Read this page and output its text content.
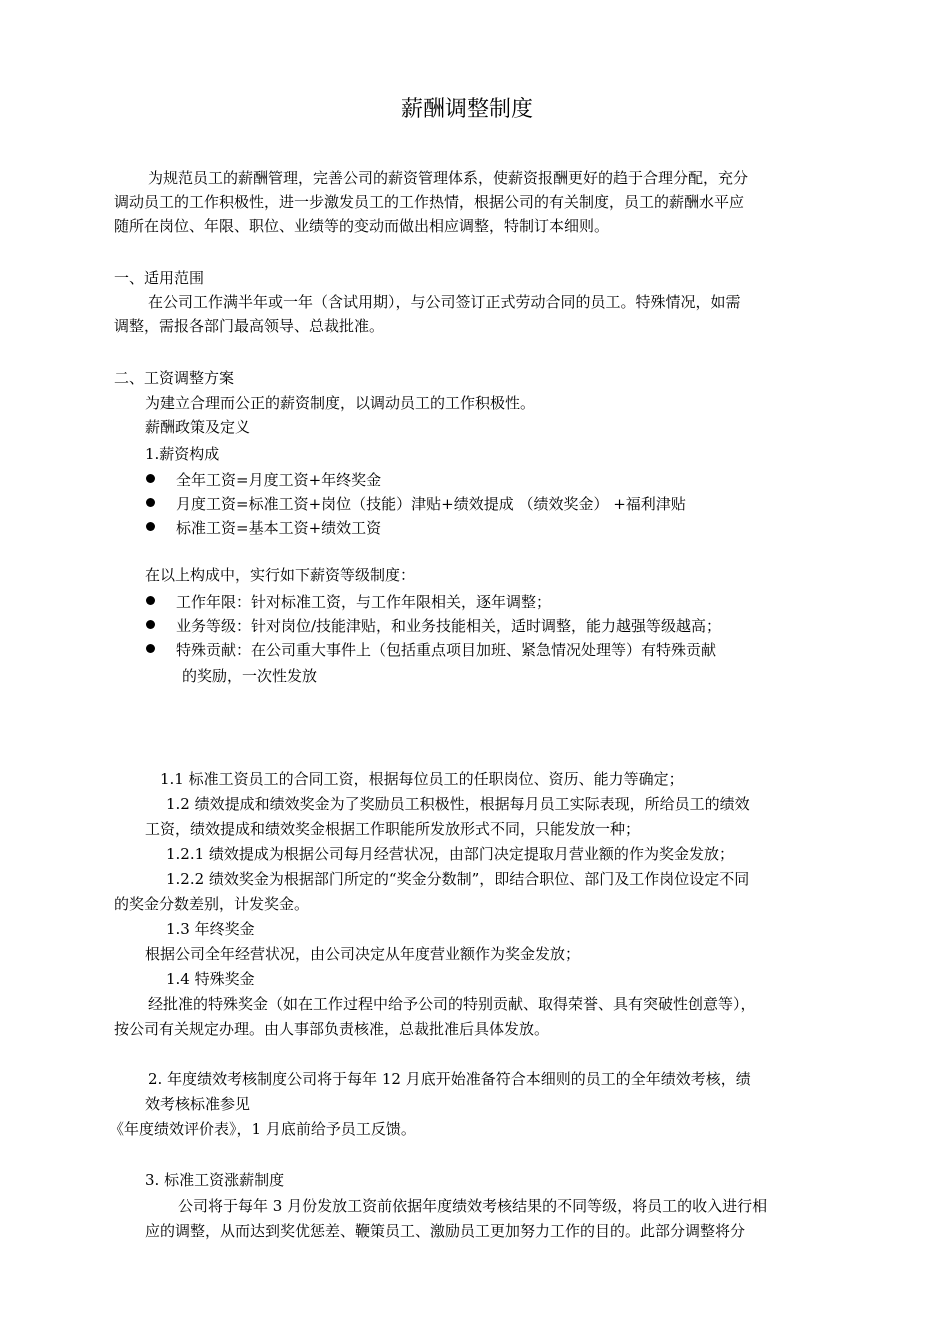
薪酬调整制度
为规范员工的薪酬管理，完善公司的薪资管理体系，使薪资报酬更好的趋于合理分配，充分
调动员工的工作积极性，进一步激发员工的工作热情，根据公司的有关制度，员工的薪酬水平应
随所在岗位、年限、职位、业绩等的变动而做出相应调整，特制订本细则。
一、适用范围
在公司工作满半年或一年（含试用期），与公司签订正式劳动合同的员工。特殊情况，如需
调整，需报各部门最高领导、总裁批准。
二、工资调整方案
为建立合理而公正的薪资制度，以调动员工的工作积极性。
薪酬政策及定义
1.薪资构成
全年工资=月度工资+年终奖金
月度工资=标准工资+岗位（技能）津贴+绩效提成 （绩效奖金） +福利津贴
标准工资=基本工资+绩效工资
在以上构成中，实行如下薪资等级制度：
工作年限：针对标准工资，与工作年限相关，逐年调整；
业务等级：针对岗位/技能津贴，和业务技能相关，适时调整，能力越强等级越高；
特殊贡献：在公司重大事件上（包括重点项目加班、紧急情况处理等）有特殊贡献
的奖励，一次性发放
1.1 标准工资员工的合同工资，根据每位员工的任职岗位、资历、能力等确定；
1.2 绩效提成和绩效奖金为了奖励员工积极性，根据每月员工实际表现，所给员工的绩效
工资，绩效提成和绩效奖金根据工作职能所发放形式不同，只能发放一种；
1.2.1 绩效提成为根据公司每月经营状况，由部门决定提取月营业额的作为奖金发放；
1.2.2 绩效奖金为根据部门所定的“奖金分数制”，即结合职位、部门及工作岗位设定不同
的奖金分数差别，计发奖金。
1.3 年终奖金
根据公司全年经营状况，由公司决定从年度营业额作为奖金发放；
1.4 特殊奖金
经批准的特殊奖金（如在工作过程中给予公司的特别贡献、取得荣誉、具有突破性创意等），
按公司有关规定办理。由人事部负责核准，总裁批准后具体发放。
2. 年度绩效考核制度公司将于每年 12 月底开始准备符合本细则的员工的全年绩效考核，绩
效考核标准参见
《年度绩效评价表》，1 月底前给予员工反馈。
3. 标准工资涨薪制度
公司将于每年 3 月份发放工资前依据年度绩效考核结果的不同等级，将员工的收入进行相
应的调整，从而达到奖优惩差、鞭策员工、激励员工更加努力工作的目的。此部分调整将分
